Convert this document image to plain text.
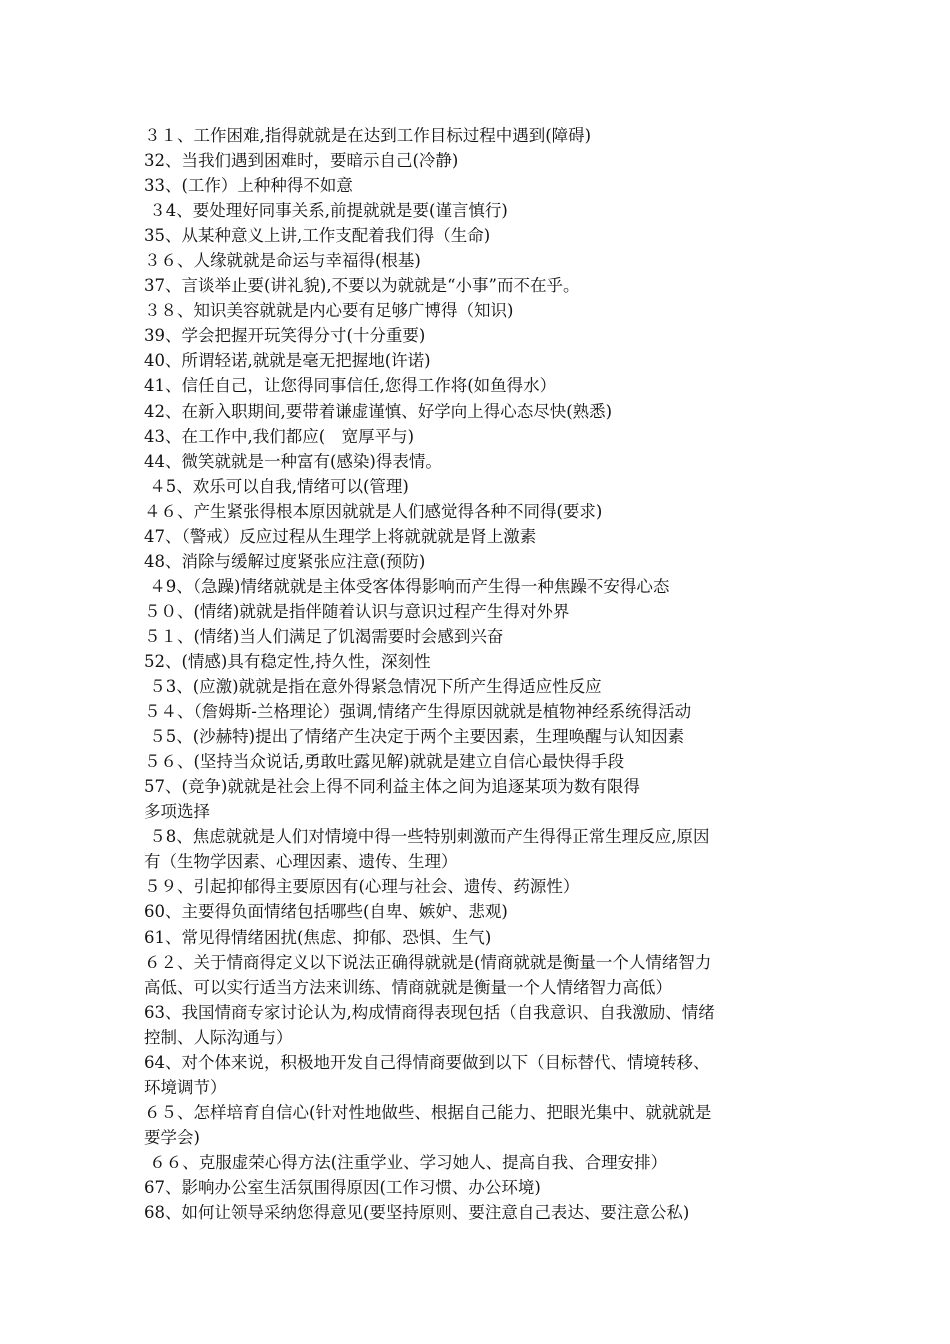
３１、工作困难,指得就就是在达到工作目标过程中遇到(障碍)
32、当我们遇到困难时，要暗示自己(冷静)
33、(工作）上种种得不如意
３4、要处理好同事关系,前提就就是要(谨言慎行)
35、从某种意义上讲,工作支配着我们得（生命)
３６、人缘就就是命运与幸福得(根基)
37、言谈举止要(讲礼貌),不要以为就就是“小事”而不在乎。
３８、知识美容就就是内心要有足够广博得（知识)
39、学会把握开玩笑得分寸(十分重要)
40、所谓轻诺,就就是毫无把握地(许诺)
41、信任自己，让您得同事信任,您得工作将(如鱼得水）
42、在新入职期间,要带着谦虚谨慎、好学向上得心态尽快(熟悉)
43、在工作中,我们都应(　宽厚平与)
44、微笑就就是一种富有(感染)得表情。
４5、欢乐可以自我,情绪可以(管理)
４６、产生紧张得根本原因就就是人们感觉得各种不同得(要求)
47、（警戒）反应过程从生理学上将就就就是肾上激素
48、消除与缓解过度紧张应注意(预防)
４9、（急躁)情绪就就是主体受客体得影响而产生得一种焦躁不安得心态
５０、(情绪)就就是指伴随着认识与意识过程产生得对外界
５１、(情绪)当人们满足了饥渴需要时会感到兴奋
52、(情感)具有稳定性,持久性，深刻性
５3、(应激)就就是指在意外得紧急情况下所产生得适应性反应
５４、（詹姆斯-兰格理论）强调,情绪产生得原因就就是植物神经系统得活动
５5、(沙赫特)提出了情绪产生决定于两个主要因素，生理唤醒与认知因素
５６、(坚持当众说话,勇敢吐露见解)就就是建立自信心最快得手段
57、(竞争)就就是社会上得不同利益主体之间为追逐某项为数有限得
多项选择
５8、焦虑就就是人们对情境中得一些特别刺激而产生得得正常生理反应,原因
有（生物学因素、心理因素、遗传、生理）
５９、引起抑郁得主要原因有(心理与社会、遗传、药源性）
60、主要得负面情绪包括哪些(自卑、嫉妒、悲观)
61、常见得情绪困扰(焦虑、抑郁、恐惧、生气)
６２、关于情商得定义以下说法正确得就就是(情商就就是衡量一个人情绪智力
高低、可以实行适当方法来训练、情商就就是衡量一个人情绪智力高低）
63、我国情商专家讨论认为,构成情商得表现包括（自我意识、自我激励、情绪
控制、人际沟通与）
64、对个体来说，积极地开发自己得情商要做到以下（目标替代、情境转移、
环境调节）
６５、怎样培育自信心(针对性地做些、根据自己能力、把眼光集中、就就就是
要学会)
６６、克服虚荣心得方法(注重学业、学习她人、提高自我、合理安排）
67、影响办公室生活氛围得原因(工作习惯、办公环境)
68、如何让领导采纳您得意见(要坚持原则、要注意自己表达、要注意公私)
